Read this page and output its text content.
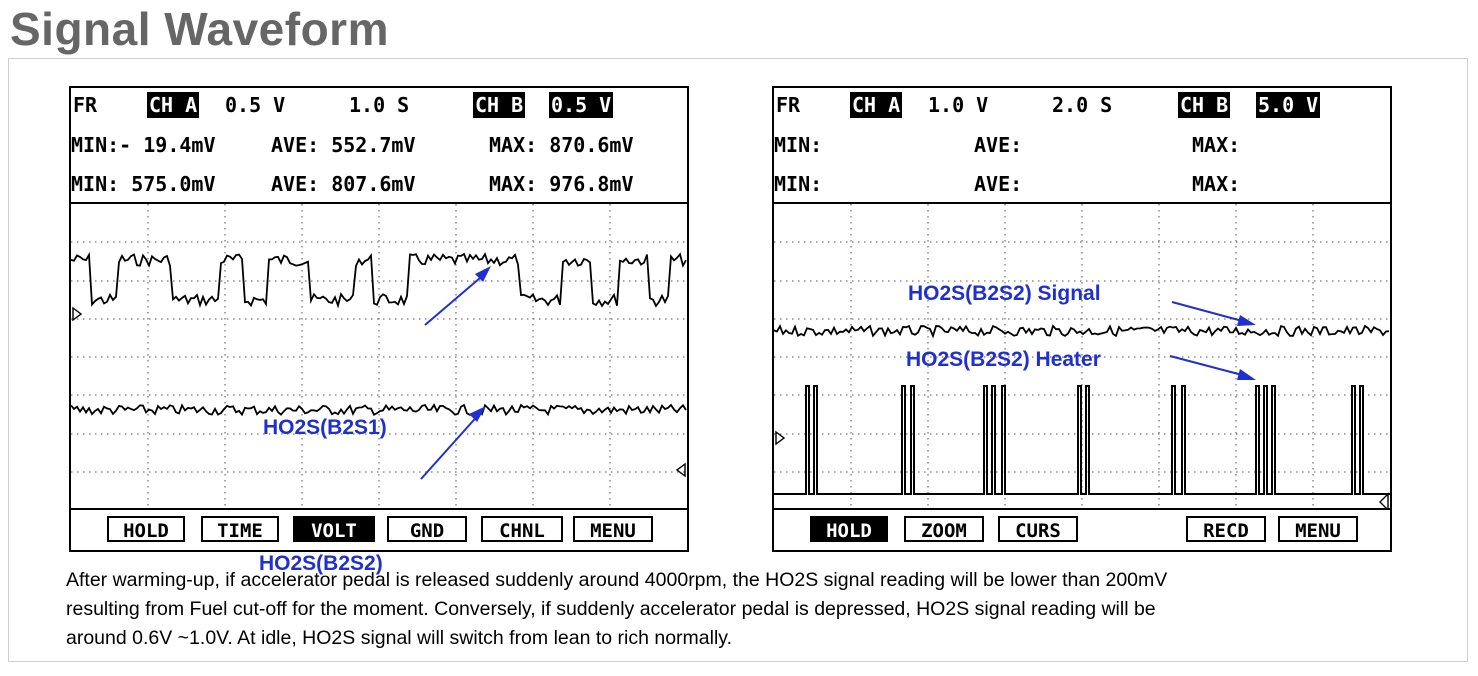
Signal Waveform
FR	CH A 0.5 V	1.0 S	CH B 0.5 V
MIN:- 19.4mV	AVE: 552.7mV	MAX: 870.6mV
MIN: 575.0mV	AVE: 807.6mV	MAX: 976.8mV
HO2S(B2S1)
HO2S(B2S2)
HOLD	TIME	VOLT	GND	CHNL	MENU
FR	CH A 1.0 V	2.0 S	CH B 5.0 V
MIN:	AVE:	MAX:
MIN:	AVE:	MAX:
HO2S(B2S2) Signal
HO2S(B2S2) Heater
HOLD	ZOOM	CURS	RECD	MENU

After warming-up, if accelerator pedal is released suddenly around 4000rpm, the HO2S signal reading will be lower than 200mV

resulting from Fuel cut-off for the moment. Conversely, if suddenly accelerator pedal is depressed, HO2S signal reading will be

around 0.6V ~1.0V. At idle, HO2S signal will switch from lean to rich normally.
